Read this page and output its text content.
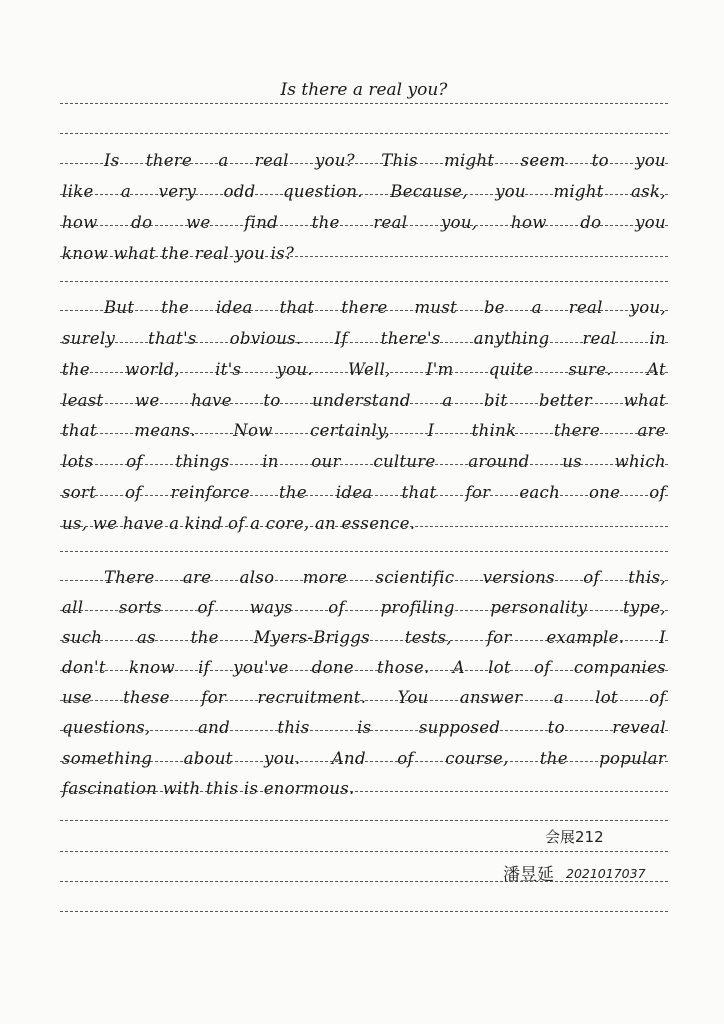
Is there a real you?
Is there a real you? This might seem to you
like a very odd question. Because, you might ask,
how do we find the real you, how do you
know what the real you is?
But the idea that there must be a real you,
surely that's obvious. If there's anything real in
the world, it's you. Well, I'm quite sure. At
least we have to understand a bit better what
that means. Now certainly, I think there are
lots of things in our culture around us which
sort of reinforce the idea that for each one of
us, we have a kind of a core, an essence.
There are also more scientific versions of this,
all sorts of ways of profiling personality type,
such as the Myers-Briggs tests, for example. I
don't know if you've done those. A lot of companies
use these for recruitment. You answer a lot of
questions,	and	this	is	supposed	to	reveal
something about you. And of course, the popular
fascination with this is enormous.
会展212
潘昱延 2021017037
